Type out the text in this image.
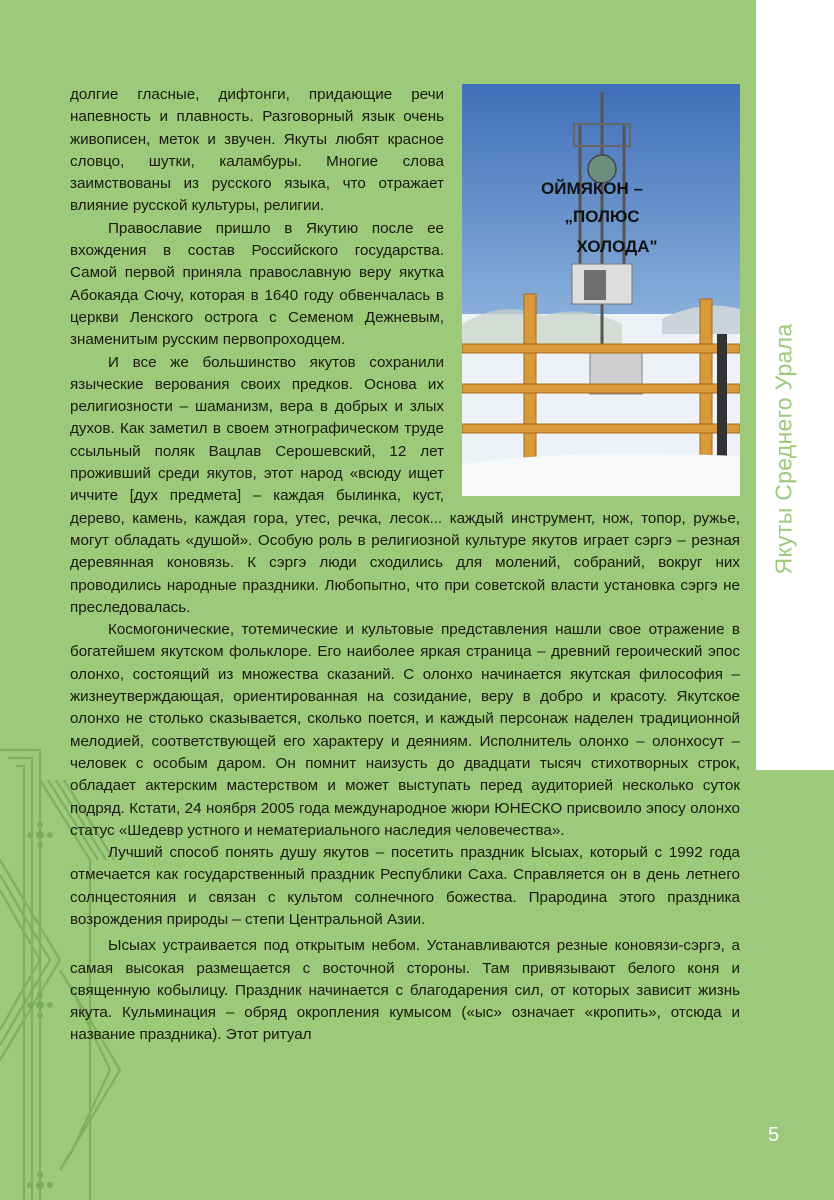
Якуты Среднего Урала
5
ОЙМЯКОН –
„ПОЛЮС
ХОЛОДА"

долгие гласные, дифтонги, придающие речи напевность и плавность. Разговорный язык очень живописен, меток и звучен. Якуты любят красное словцо, шутки, каламбуры. Многие слова заимствованы из русского языка, что отражает влияние русской культуры, религии.

Православие пришло в Якутию после ее вхождения в состав Российского государства. Самой первой приняла православную веру якутка Абокаяда Сючу, которая в 1640 году обвенчалась в церкви Ленского острога с Семеном Дежневым, знаменитым русским первопроходцем.

И все же большинство якутов сохранили языческие верования своих предков. Основа их религиозности – шаманизм, вера в добрых и злых духов. Как заметил в своем этнографическом труде ссыльный поляк Вацлав Серошевский, 12 лет проживший среди якутов, этот народ «всюду ищет иччите [дух предмета] – каждая былинка, куст, дерево, камень, каждая гора, утес, речка, лесок... каждый инструмент, нож, топор, ружье, могут обладать «душой». Особую роль в религиозной культуре якутов играет сэргэ – резная деревянная коновязь. К сэргэ люди сходились для молений, собраний, вокруг них проводились народные праздники. Любопытно, что при советской власти установка сэргэ не преследовалась.

Космогонические, тотемические и культовые представления нашли свое отражение в богатейшем якутском фольклоре. Его наиболее яркая страница – древний героический эпос олонхо, состоящий из множества сказаний. С олонхо начинается якутская философия – жизнеутверждающая, ориентированная на созидание, веру в добро и красоту. Якутское олонхо не столько сказывается, сколько поется, и каждый персонаж наделен традиционной мелодией, соответствующей его характеру и деяниям. Исполнитель олонхо – олонхосут – человек с особым даром. Он помнит наизусть до двадцати тысяч стихотворных строк, обладает актерским мастерством и может выступать перед аудиторией несколько суток подряд. Кстати, 24 ноября 2005 года международное жюри ЮНЕСКО присвоило эпосу олонхо статус «Шедевр устного и нематериального наследия человечества».

Лучший способ понять душу якутов – посетить праздник Ысыах, который с 1992 года отмечается как государственный праздник Республики Саха. Справляется он в день летнего солнцестояния и связан с культом солнечного божества. Прародина этого праздника возрождения природы – степи Центральной Азии.

Ысыах устраивается под открытым небом. Устанавливаются резные коновязи-сэргэ, а самая высокая размещается с восточной стороны. Там привязывают белого коня и священную кобылицу. Праздник начинается с благодарения сил, от которых зависит жизнь якута. Кульминация – обряд окропления кумысом («ыс» означает «кропить», отсюда и название праздника). Этот ритуал
